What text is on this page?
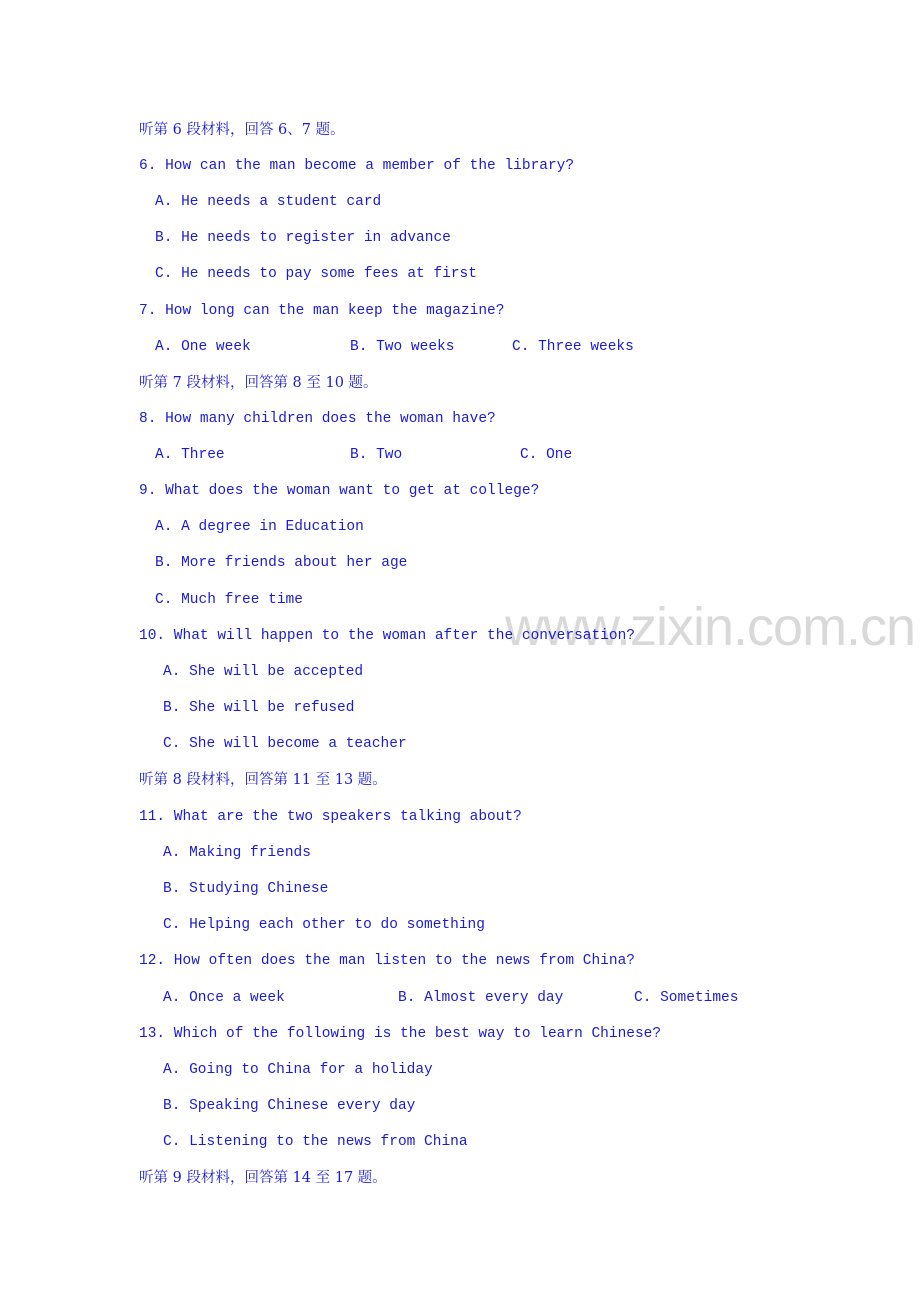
www.zixin.com.cn
听第 6 段材料，回答 6、7 题。
6. How can the man become a member of the library?
A. He needs a student card
B. He needs to register in advance
C. He needs to pay some fees at first
7. How long can the man keep the magazine?
A. One week	B. Two weeks	C. Three weeks
听第 7 段材料，回答第 8 至 10 题。
8. How many children does the woman have?
A. Three	B. Two	C. One
9. What does the woman want to get at college?
A. A degree in Education
B. More friends about her age
C. Much free time
10. What will happen to the woman after the conversation?
A. She will be accepted
B. She will be refused
C. She will become a teacher
听第 8 段材料，回答第 11 至 13 题。
11. What are the two speakers talking about?
A. Making friends
B. Studying Chinese
C. Helping each other to do something
12. How often does the man listen to the news from China?
A. Once a week	B. Almost every day	C. Sometimes
13. Which of the following is the best way to learn Chinese?
A. Going to China for a holiday
B. Speaking Chinese every day
C. Listening to the news from China
听第 9 段材料，回答第 14 至 17 题。
